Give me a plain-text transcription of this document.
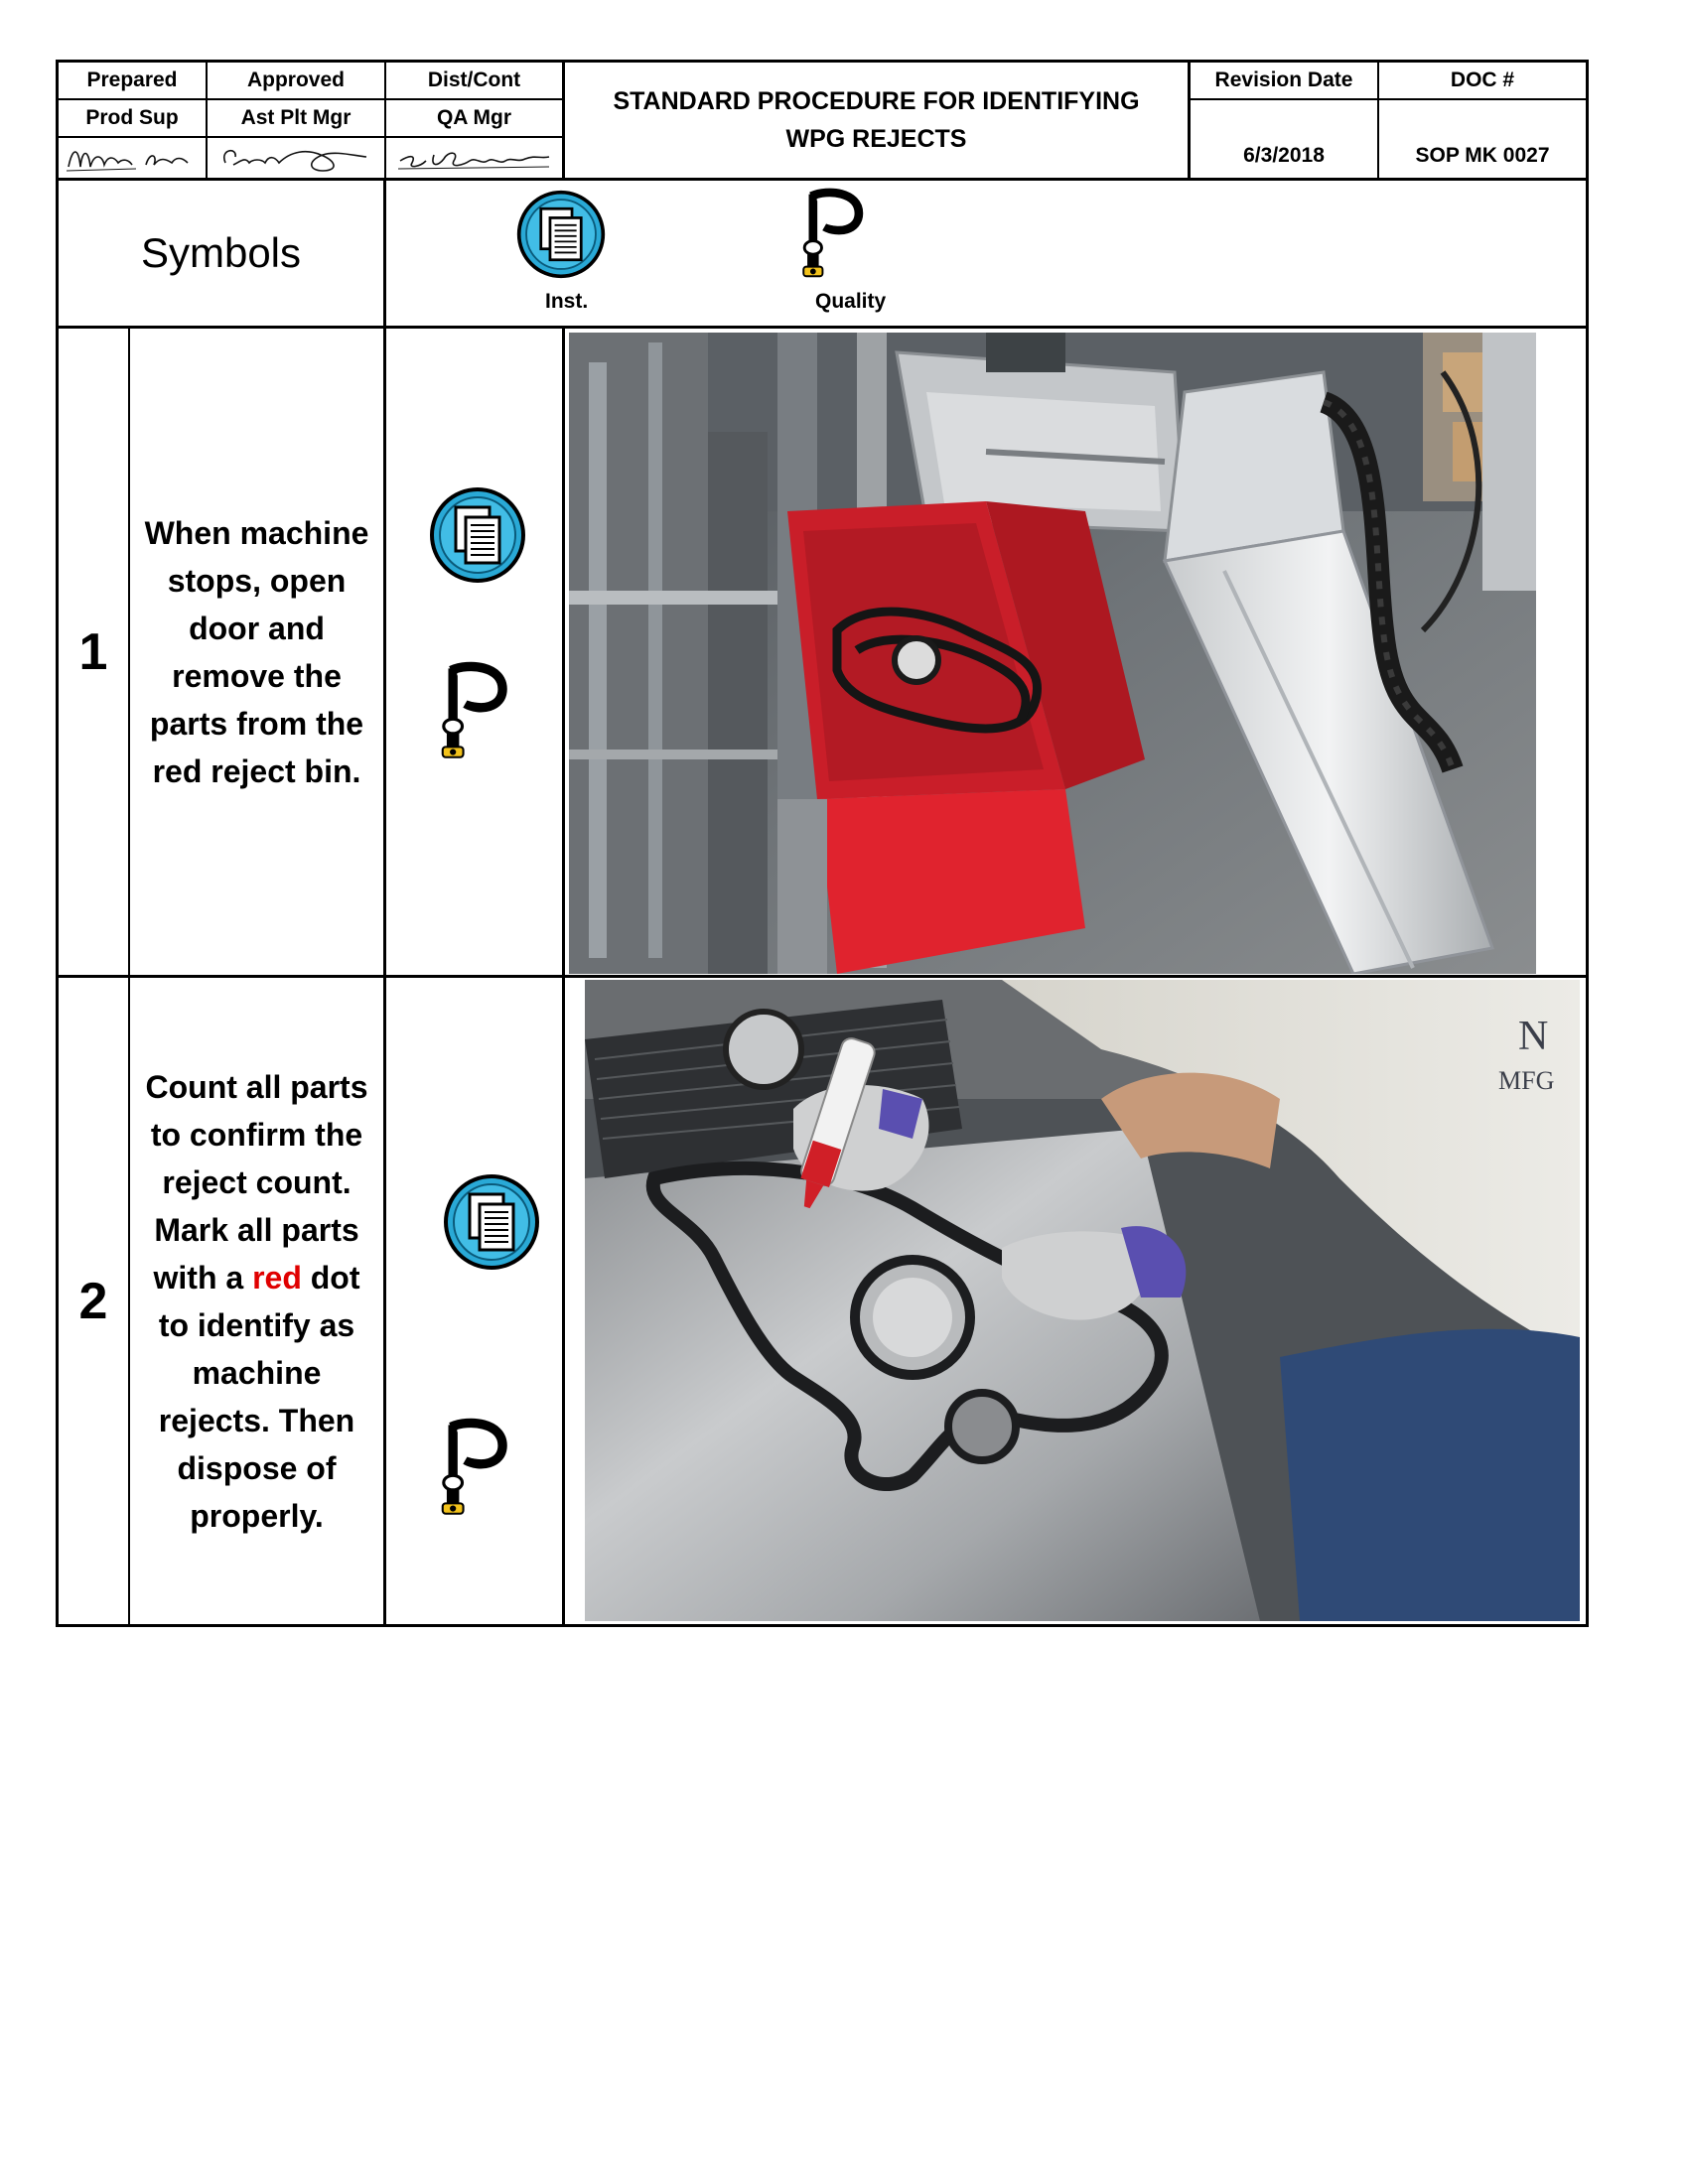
Prepared	Approved	Dist/Cont
Prod Sup	Ast Plt Mgr	QA Mgr
STANDARD PROCEDURE FOR IDENTIFYING
WPG REJECTS
Revision Date	DOC #
6/3/2018	SOP MK 0027
Symbols
Inst.	Quality
1
When machine stops, open door and remove the parts from the red reject bin.
2
Count all parts to confirm the reject count. Mark all parts with a red dot to identify as machine rejects. Then dispose of properly.
N
MFG
